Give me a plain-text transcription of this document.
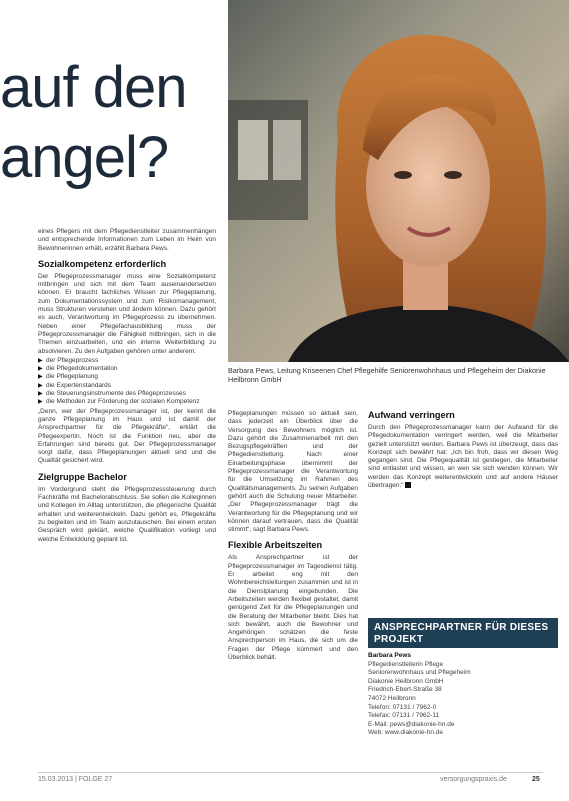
auf den
angel?
Barbara Pews, Leitung Kriseenen Chef Pflegehilfe Seniorenwohnhaus und Pflegeheim der Diakonie Heilbronn GmbH

eines Pflegers mit dem Pflegedienstleiter zusammenhängen und entsprechende Informationen zum Leben im Heim von Bewohnerinnen erhält, erzählt Barbara Pews.

Sozialkompetenz erforderlich

Der Pflegeprozessmanager muss eine Sozialkompetenz mitbringen und sich mit dem Team auseinandersetzen können. Er braucht fachliches Wissen zur Pflegeplanung, zum Dokumentationssystem und zum Risikomanagement, muss Strukturen verstehen und ändern können. Dazu gehört es auch, Verantwortung im Pflegeprozess zu übernehmen. Neben einer Pflegefachausbildung muss der Pflegeprozessmanager die Fähigkeit mitbringen, sich in die Themen einzuarbeiten, und ein interne Weiterbildung zu absolvieren. Zu den Aufgaben gehören unter anderem:

▶ der Pflegeprozess
▶ die Pflegedokumentation
▶ die Pflegeplanung
▶ die Expertenstandards
▶ die Steuerungsinstrumente des Pflegeprozesses
▶ die Methoden zur Förderung der sozialen Kompetenz

„Denn, wer der Pflegeprozessmanager ist, der kennt die ganze Pflegeplanung im Haus und ist damit der Ansprechpartner für die Pflegekräfte“, erklärt die Pflegeexpertin. Noch ist die Funktion neu, aber die Erfahrungen sind bereits gut. Der Pflegeprozessmanager sorgt dafür, dass Pflegeplanungen aktuell sind und die Qualität gesichert wird.

Zielgruppe Bachelor

Im Vordergrund steht die Pflegeprozesssteuerung durch Fachkräfte mit Bachelorabschluss. Sie sollen die Kolleginnen und Kollegen im Alltag unterstützen, die pflegerische Qualität erhalten und weiterentwickeln. Dazu gehört es, Pflegekräfte zu begleiten und im Team auszutauschen. Bei einem ersten Gespräch wird geklärt, welche Qualifikation vorliegt und welche Entwicklung geplant ist.

Pflegeplanungen müssen so aktuell sein, dass jederzeit ein Überblick über die Versorgung des Bewohners möglich ist. Dazu gehört die Zusammenarbeit mit den Bezugspflegekräften und der Pflegedienstleitung. Nach einer Einarbeitungsphase übernimmt der Pflegeprozessmanager die Verantwortung für die Umsetzung im Rahmen des Qualitätsmanagements. Zu seinen Aufgaben gehört auch die Schulung neuer Mitarbeiter. „Der Pflegeprozessmanager trägt die Verantwortung für die Pflegeplanung und wir können darauf vertrauen, dass die Qualität stimmt“, sagt Barbara Pews.

Flexible Arbeitszeiten

Als Ansprechpartner ist der Pflegeprozessmanager im Tagesdienst tätig. Er arbeitet eng mit den Wohnbereichsleitungen zusammen und ist in die Dienstplanung eingebunden. Die Arbeitszeiten werden flexibel gestaltet, damit genügend Zeit für die Pflegeplanungen und die Beratung der Mitarbeiter bleibt. Dies hat sich bewährt, auch die Bewohner und Angehörigen schätzen die feste Ansprechperson im Haus, die sich um die Fragen der Pflege kümmert und den Überblick behält.

Aufwand verringern

Durch den Pflegeprozessmanager kann der Aufwand für die Pflegedokumentation verringert werden, weil die Mitarbeiter gezielt unterstützt werden. Barbara Pews ist überzeugt, dass das Konzept sich bewährt hat: „Ich bin froh, dass wir diesen Weg gegangen sind. Die Pflegequalität ist gestiegen, die Mitarbeiter sind entlastet und wissen, an wen sie sich wenden können. Wir werden das Konzept weiterentwickeln und auf andere Häuser übertragen.“

ANSPRECHPARTNER FÜR DIESES PROJEKT
Barbara Pews
Pflegedienstleiterin Pflege
Seniorenwohnhaus und Pflegeheim
Diakonie Heilbronn GmbH
Friedrich-Ebert-Straße 38
74072 Heilbronn
Telefon: 07131 / 7962-0
Telefax: 07131 / 7962-11
E-Mail: pews@diakonie-hn.de
Web: www.diakonie-hn.de
15.03.2013 | FOLGE 27	versorgungspraxis.de	25
